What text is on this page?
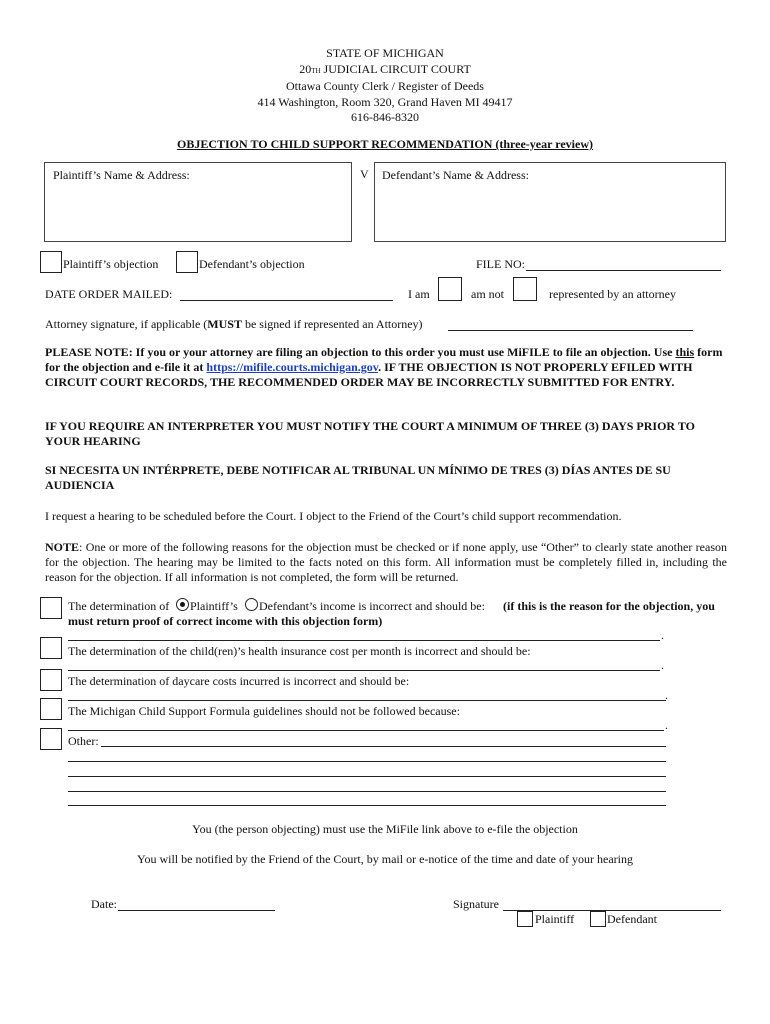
STATE OF MICHIGAN
20TH JUDICIAL CIRCUIT COURT
Ottawa County Clerk / Register of Deeds
414 Washington, Room 320, Grand Haven MI 49417
616-846-8320
OBJECTION TO CHILD SUPPORT RECOMMENDATION (three-year review)
Plaintiff’s Name & Address:	V Defendant’s Name & Address:
Plaintiff’s objection	Defendant’s objection	FILE NO:
DATE ORDER MAILED:	I am	am not	represented by an attorney
Attorney signature, if applicable (MUST be signed if represented an Attorney)
PLEASE NOTE: If you or your attorney are filing an objection to this order you must use MiFILE to file an objection. Use this form for the objection and e-file it at https://mifile.courts.michigan.gov. IF THE OBJECTION IS NOT PROPERLY EFILED WITH CIRCUIT COURT RECORDS, THE RECOMMENDED ORDER MAY BE INCORRECTLY SUBMITTED FOR ENTRY.
IF YOU REQUIRE AN INTERPRETER YOU MUST NOTIFY THE COURT A MINIMUM OF THREE (3) DAYS PRIOR TO YOUR HEARING
SI NECESITA UN INTÉRPRETE, DEBE NOTIFICAR AL TRIBUNAL UN MÍNIMO DE TRES (3) DÍAS ANTES DE SU AUDIENCIA
I request a hearing to be scheduled before the Court. I object to the Friend of the Court’s child support recommendation.
NOTE: One or more of the following reasons for the objection must be checked or if none apply, use “Other” to clearly state another reason for the objection. The hearing may be limited to the facts noted on this form. All information must be completely filled in, including the reason for the objection. If all information is not completed, the form will be returned.
The determination of Plaintiff’s Defendant’s income is incorrect and should be:	(if this is the reason for the objection, you must return proof of correct income with this objection form)
.
The determination of the child(ren)’s health insurance cost per month is incorrect and should be:
.
The determination of daycare costs incurred is incorrect and should be:
.
The Michigan Child Support Formula guidelines should not be followed because:
.
Other:
You (the person objecting) must use the MiFile link above to e-file the objection
You will be notified by the Friend of the Court, by mail or e-notice of the time and date of your hearing
Date:	Signature
Plaintiff	Defendant
